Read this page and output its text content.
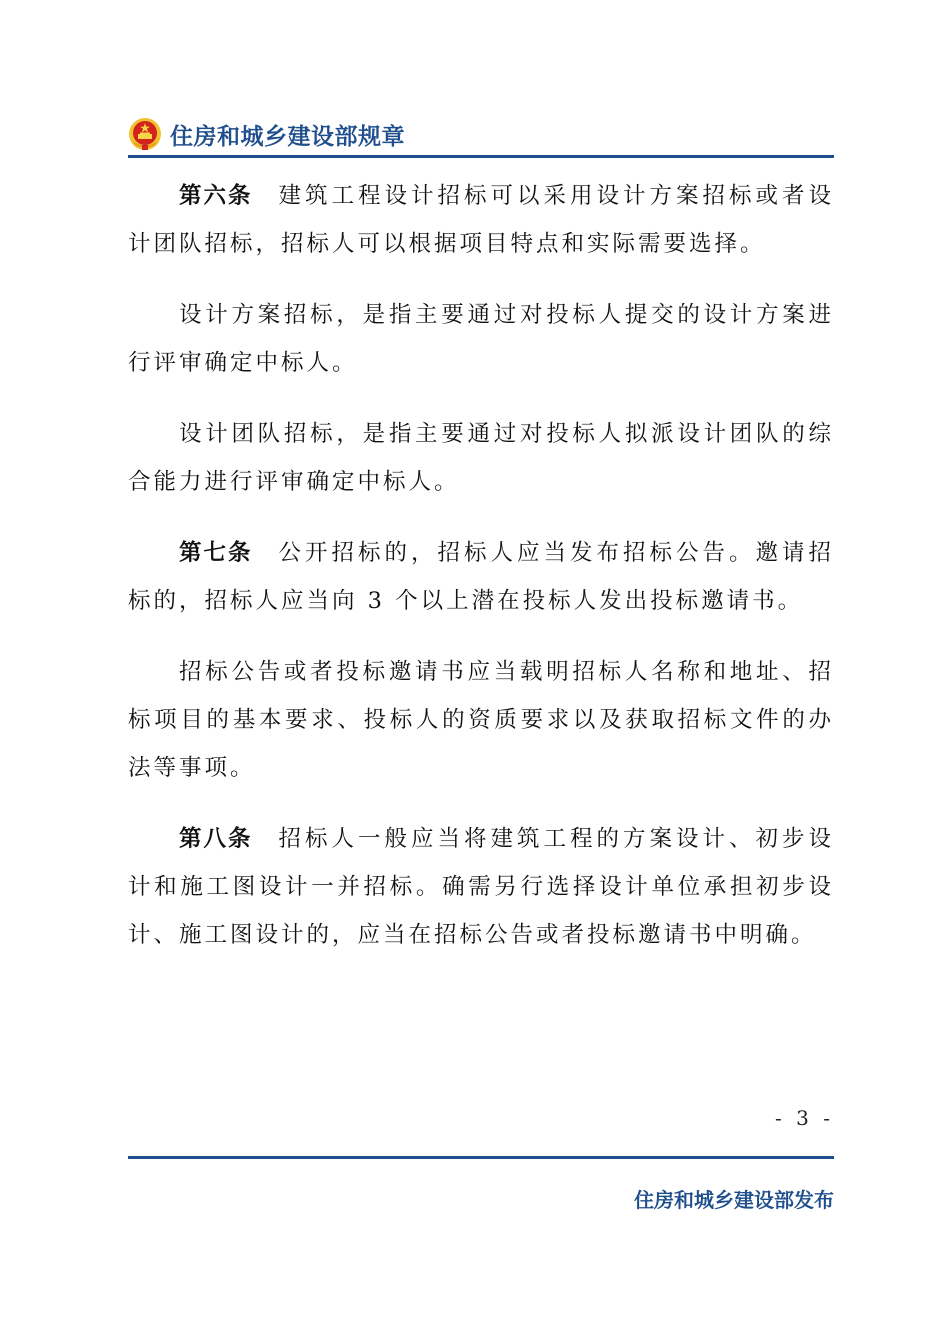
住房和城乡建设部规章

第六条 建筑工程设计招标可以采用设计方案招标或者设计团队招标，招标人可以根据项目特点和实际需要选择。

设计方案招标，是指主要通过对投标人提交的设计方案进行评审确定中标人。

设计团队招标，是指主要通过对投标人拟派设计团队的综合能力进行评审确定中标人。

第七条 公开招标的，招标人应当发布招标公告。邀请招标的，招标人应当向 3 个以上潜在投标人发出投标邀请书。

招标公告或者投标邀请书应当载明招标人名称和地址、招标项目的基本要求、投标人的资质要求以及获取招标文件的办法等事项。

第八条 招标人一般应当将建筑工程的方案设计、初步设计和施工图设计一并招标。确需另行选择设计单位承担初步设计、施工图设计的，应当在招标公告或者投标邀请书中明确。

- 3 -
住房和城乡建设部发布
